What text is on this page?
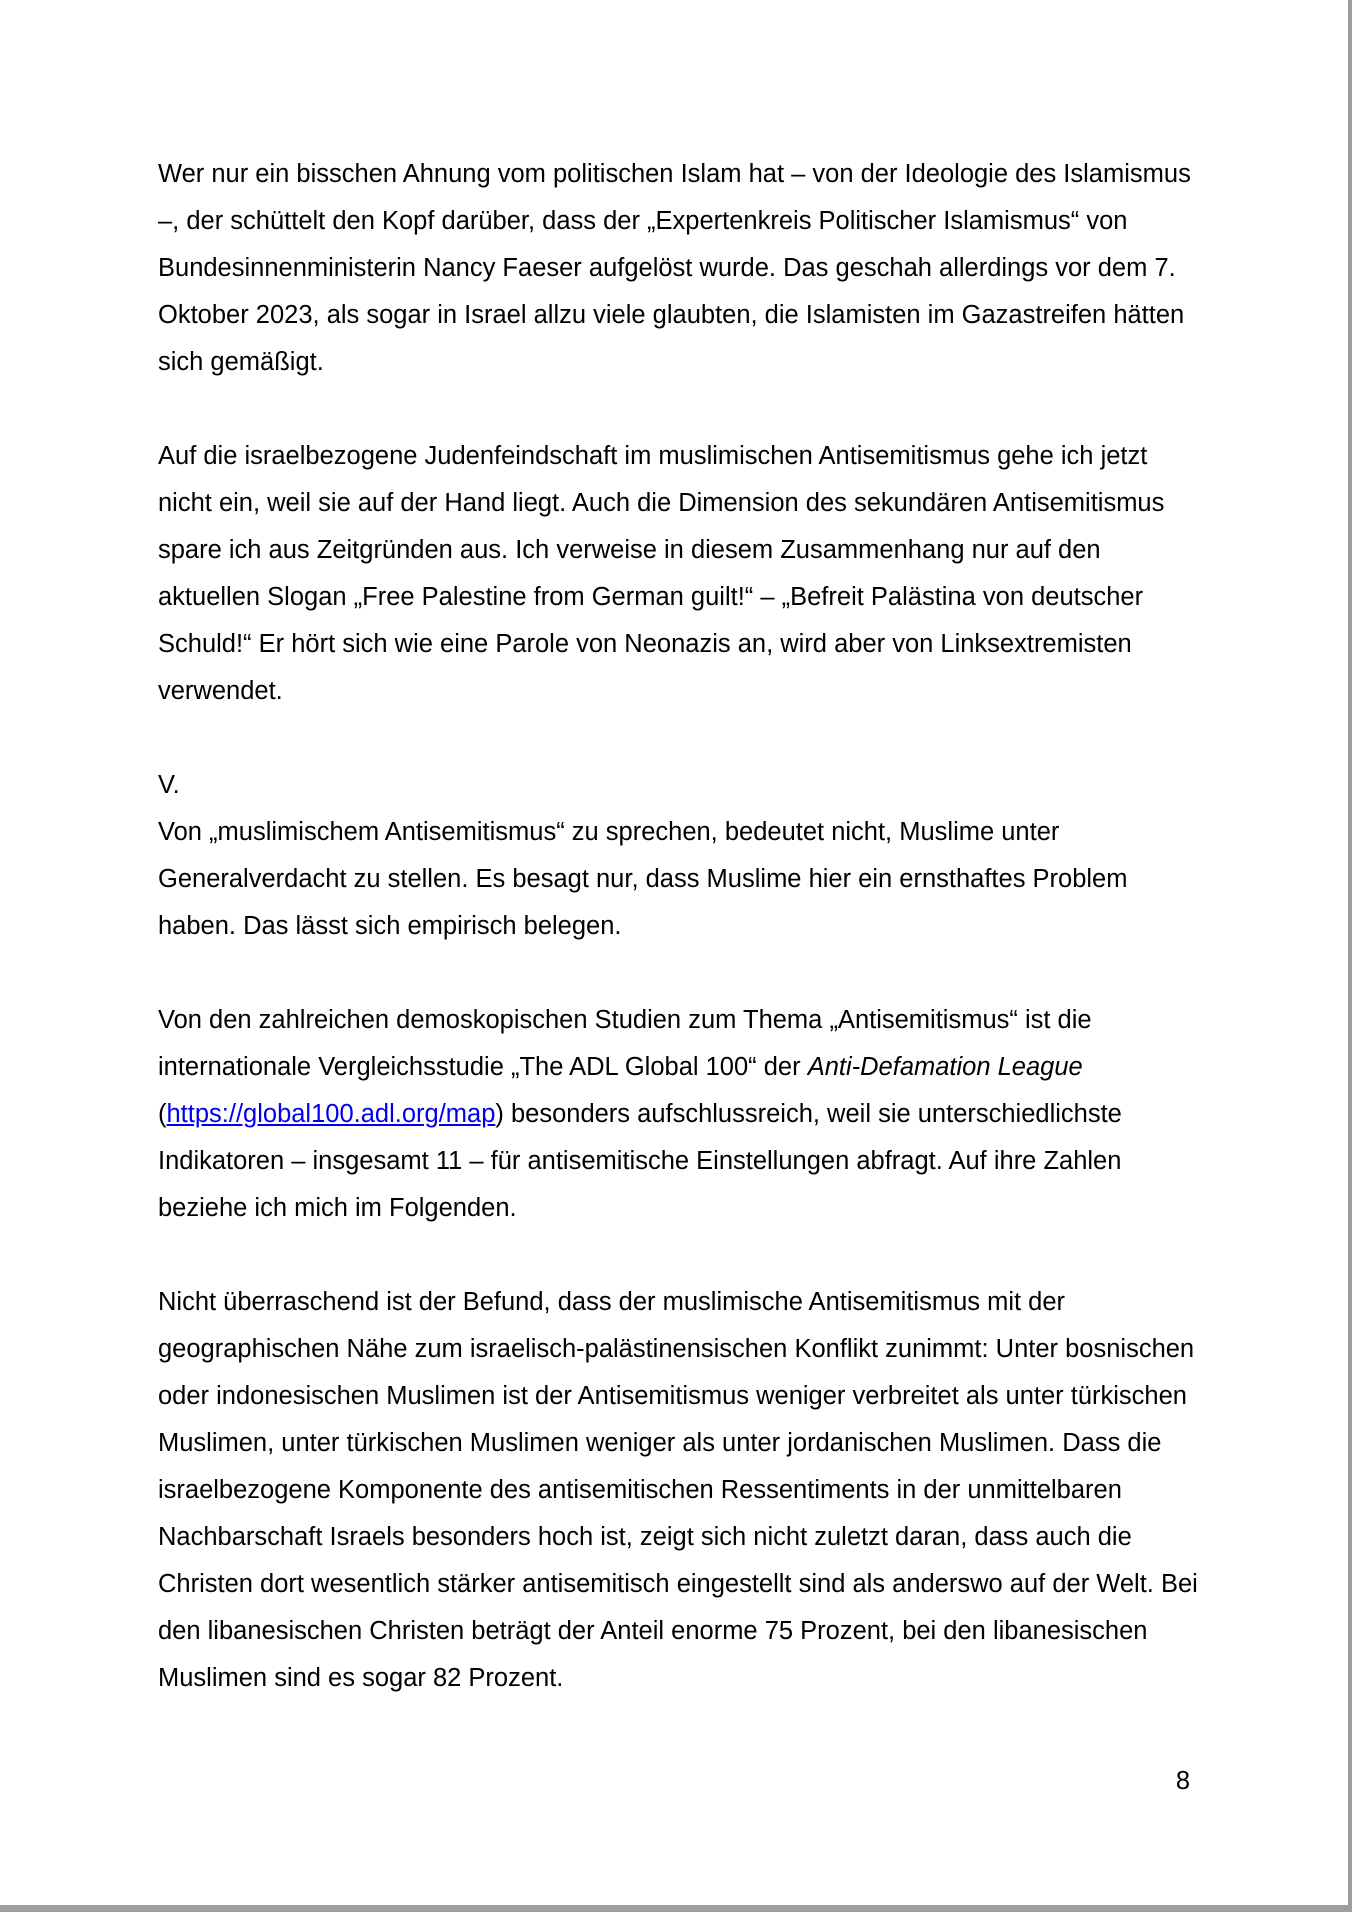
Wer nur ein bisschen Ahnung vom politischen Islam hat – von der Ideologie des Islamismus –, der schüttelt den Kopf darüber, dass der „Expertenkreis Politischer Islamismus“ von Bundesinnenministerin Nancy Faeser aufgelöst wurde. Das geschah allerdings vor dem 7. Oktober 2023, als sogar in Israel allzu viele glaubten, die Islamisten im Gazastreifen hätten sich gemäßigt.

Auf die israelbezogene Judenfeindschaft im muslimischen Antisemitismus gehe ich jetzt nicht ein, weil sie auf der Hand liegt. Auch die Dimension des sekundären Antisemitismus spare ich aus Zeitgründen aus. Ich verweise in diesem Zusammenhang nur auf den aktuellen Slogan „Free Palestine from German guilt!“ – „Befreit Palästina von deutscher Schuld!“ Er hört sich wie eine Parole von Neonazis an, wird aber von Linksextremisten verwendet.

V.

Von „muslimischem Antisemitismus“ zu sprechen, bedeutet nicht, Muslime unter Generalverdacht zu stellen. Es besagt nur, dass Muslime hier ein ernsthaftes Problem haben. Das lässt sich empirisch belegen.

Von den zahlreichen demoskopischen Studien zum Thema „Antisemitismus“ ist die internationale Vergleichsstudie „The ADL Global 100“ der Anti-Defamation League (https://global100.adl.org/map) besonders aufschlussreich, weil sie unterschiedlichste Indikatoren – insgesamt 11 – für antisemitische Einstellungen abfragt. Auf ihre Zahlen beziehe ich mich im Folgenden.

Nicht überraschend ist der Befund, dass der muslimische Antisemitismus mit der geographischen Nähe zum israelisch-palästinensischen Konflikt zunimmt: Unter bosnischen oder indonesischen Muslimen ist der Antisemitismus weniger verbreitet als unter türkischen Muslimen, unter türkischen Muslimen weniger als unter jordanischen Muslimen. Dass die israelbezogene Komponente des antisemitischen Ressentiments in der unmittelbaren Nachbarschaft Israels besonders hoch ist, zeigt sich nicht zuletzt daran, dass auch die Christen dort wesentlich stärker antisemitisch eingestellt sind als anderswo auf der Welt. Bei den libanesischen Christen beträgt der Anteil enorme 75 Prozent, bei den libanesischen Muslimen sind es sogar 82 Prozent.

8
